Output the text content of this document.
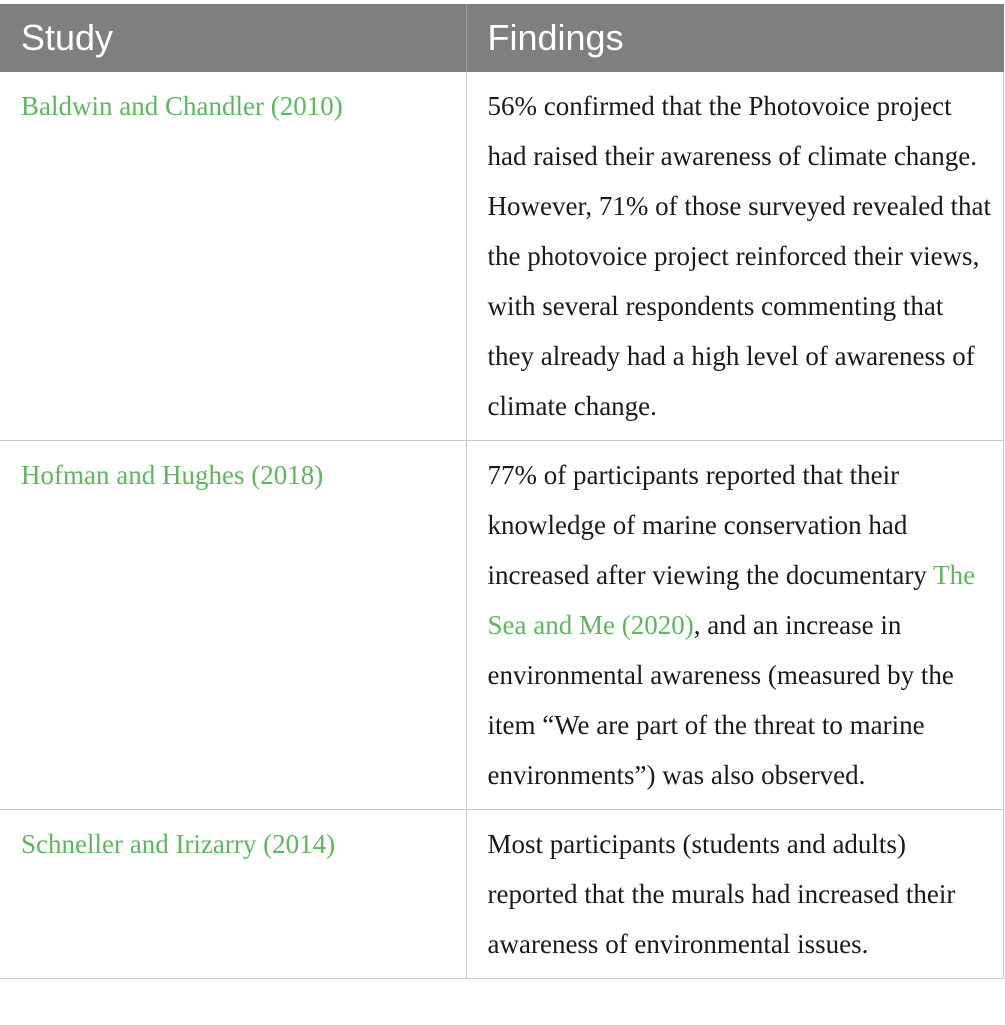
Study	Findings
Baldwin and Chandler (2010)	56% confirmed that the Photovoice project had raised their awareness of climate change. However, 71% of those surveyed revealed that the photovoice project reinforced their views, with several respondents commenting that they already had a high level of awareness of climate change.
Hofman and Hughes (2018)	77% of participants reported that their knowledge of marine conservation had increased after viewing the documentary The Sea and Me (2020), and an increase in environmental awareness (measured by the item “We are part of the threat to marine environments”) was also observed.
Schneller and Irizarry (2014)	Most participants (students and adults) reported that the murals had increased their awareness of environmental issues.
